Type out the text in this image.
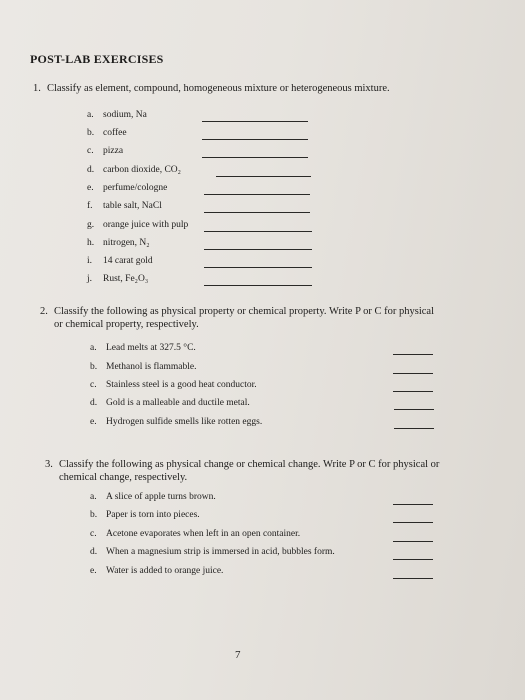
POST-LAB EXERCISES
1. Classify as element, compound, homogeneous mixture or heterogeneous mixture.
a. sodium, Na
b. coffee
c. pizza
d. carbon dioxide, CO₂
e. perfume/cologne
f. table salt, NaCl
g. orange juice with pulp
h. nitrogen, N₂
i. 14 carat gold
j. Rust, Fe₂O₃
2. Classify the following as physical property or chemical property. Write P or C for physical
or chemical property, respectively.
a. Lead melts at 327.5 °C.
b. Methanol is flammable.
c. Stainless steel is a good heat conductor.
d. Gold is a malleable and ductile metal.
e. Hydrogen sulfide smells like rotten eggs.
3. Classify the following as physical change or chemical change. Write P or C for physical or
chemical change, respectively.
a. A slice of apple turns brown.
b. Paper is torn into pieces.
c. Acetone evaporates when left in an open container.
d. When a magnesium strip is immersed in acid, bubbles form.
e. Water is added to orange juice.
7
